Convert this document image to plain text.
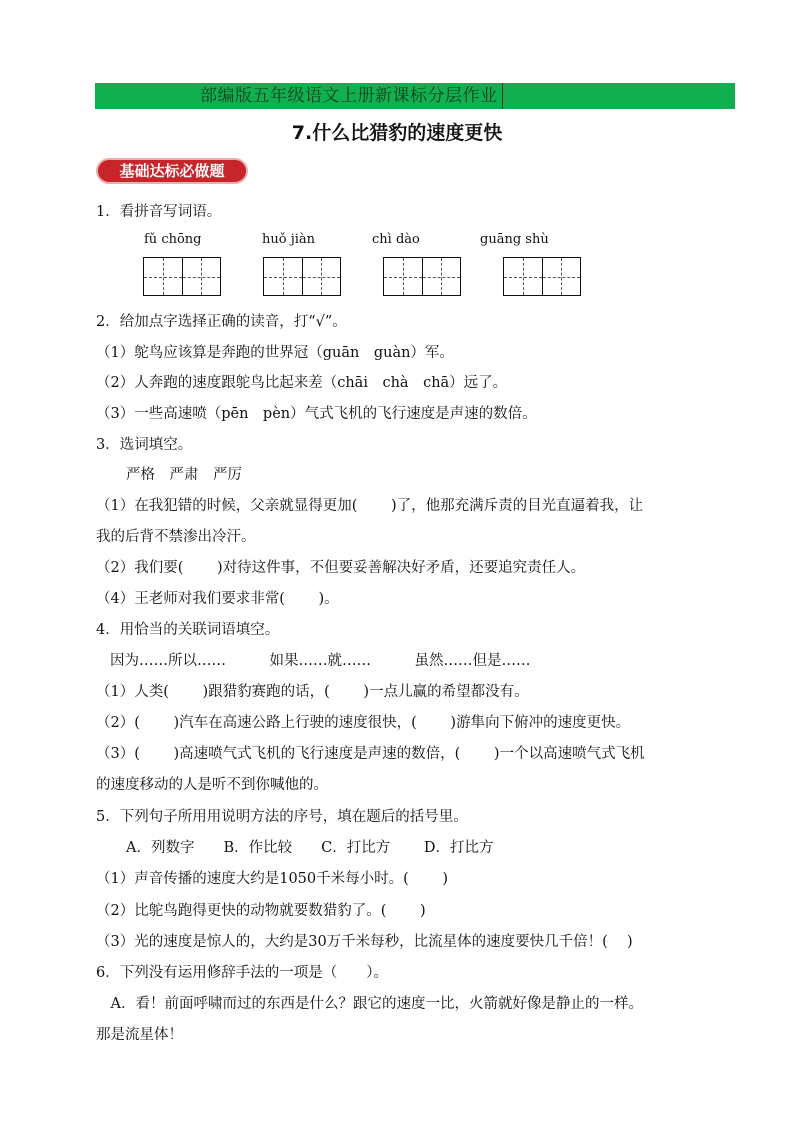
部编版五年级语文上册新课标分层作业
7.什么比猎豹的速度更快
基础达标必做题
1．看拼音写词语。
fǔ chōng	huǒ jiàn	chì dào	guāng shù
2．给加点字选择正确的读音，打“√”。
（1）鸵鸟应该算是奔跑的世界冠（guān　guàn）军。
（2）人奔跑的速度跟鸵鸟比起来差（chāi　chà　chā）远了。
（3）一些高速喷（pēn　pèn）气式飞机的飞行速度是声速的数倍。
3．选词填空。
严格　严肃　严厉
（1）在我犯错的时候，父亲就显得更加(　　 )了，他那充满斥责的目光直逼着我，让
我的后背不禁渗出冷汗。
（2）我们要(　　 )对待这件事，不但要妥善解决好矛盾，还要追究责任人。
（4）王老师对我们要求非常(　　 )。
4．用恰当的关联词语填空。
因为……所以……　　　如果……就……　　　虽然……但是……
（1）人类(　　 )跟猎豹赛跑的话，(　　 )一点儿赢的希望都没有。
（2）(　　 )汽车在高速公路上行驶的速度很快，(　　 )游隼向下俯冲的速度更快。
（3）(　　 )高速喷气式飞机的飞行速度是声速的数倍，(　　 )一个以高速喷气式飞机
的速度移动的人是听不到你喊他的。
5．下列句子所用用说明方法的序号，填在题后的括号里。
A．列数字　　B．作比较　　C．打比方　　 D．打比方
（1）声音传播的速度大约是1050千米每小时。(　　 )
（2）比鸵鸟跑得更快的动物就要数猎豹了。(　　 )
（3）光的速度是惊人的，大约是30万千米每秒，比流星体的速度要快几千倍！(　 )
6．下列没有运用修辞手法的一项是（　　）。
　A．看！前面呼啸而过的东西是什么？跟它的速度一比，火箭就好像是静止的一样。
那是流星体！
